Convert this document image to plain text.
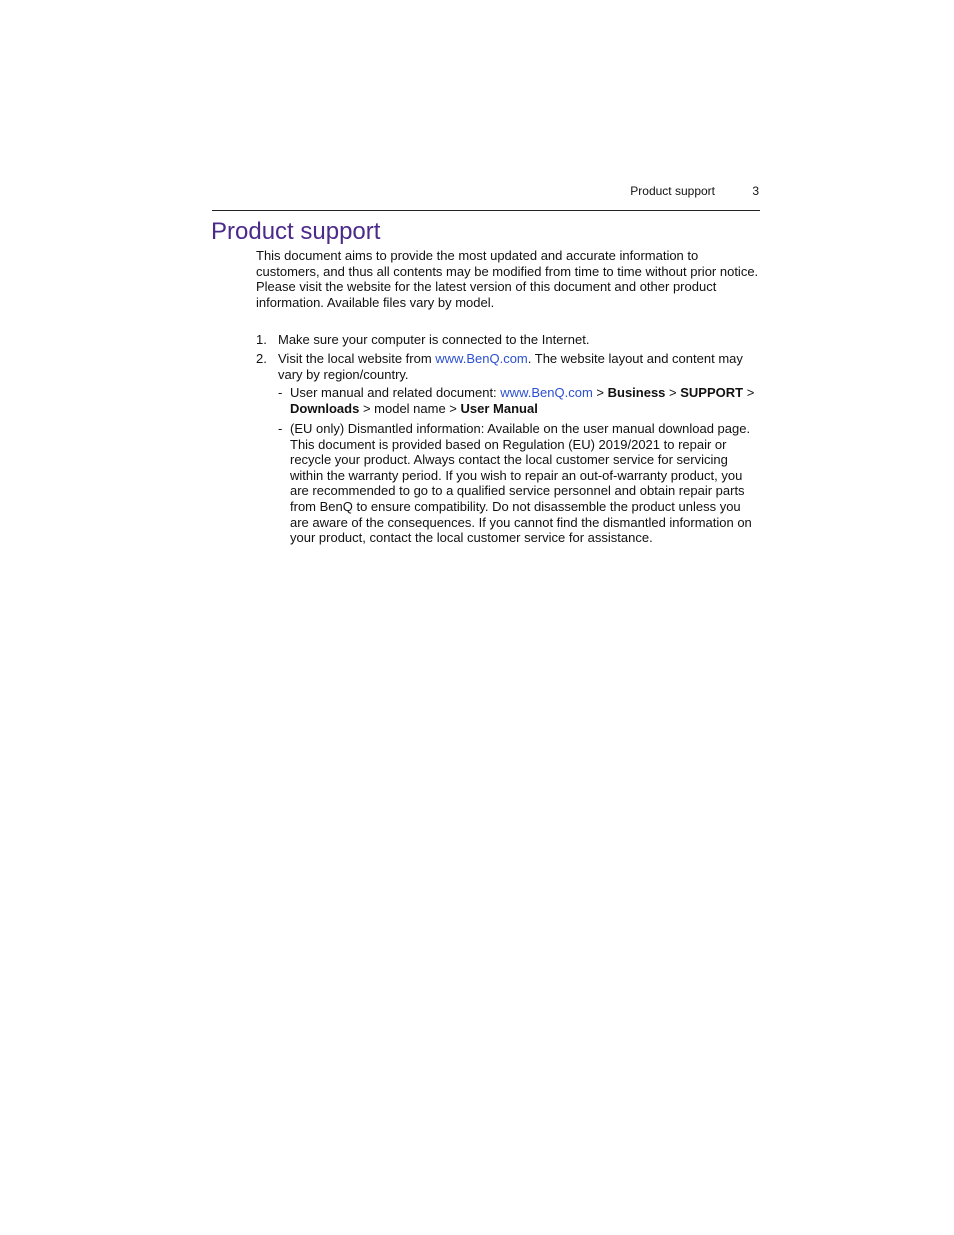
Product support	3
Product support

This document aims to provide the most updated and accurate information to customers, and thus all contents may be modified from time to time without prior notice. Please visit the website for the latest version of this document and other product information. Available files vary by model.

1. Make sure your computer is connected to the Internet.
2. Visit the local website from www.BenQ.com. The website layout and content may vary by region/country.
- User manual and related document: www.BenQ.com > Business > SUPPORT > Downloads > model name > User Manual
- (EU only) Dismantled information: Available on the user manual download page. This document is provided based on Regulation (EU) 2019/2021 to repair or recycle your product. Always contact the local customer service for servicing within the warranty period. If you wish to repair an out-of-warranty product, you are recommended to go to a qualified service personnel and obtain repair parts from BenQ to ensure compatibility. Do not disassemble the product unless you are aware of the consequences. If you cannot find the dismantled information on your product, contact the local customer service for assistance.
